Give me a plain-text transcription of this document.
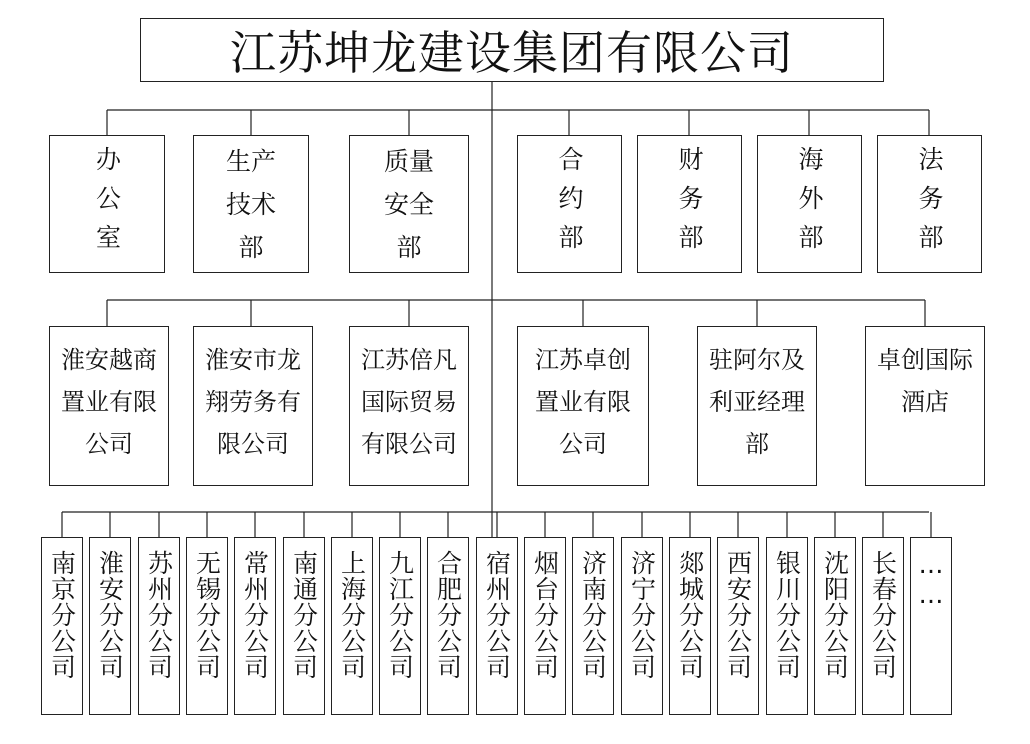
江苏坤龙建设集团有限公司
办公室
生产
技术
部
质量
安全
部
合约部
财务部
海外部
法务部
淮安越商
置业有限
公司
淮安市龙
翔劳务有
限公司
江苏倍凡
国际贸易
有限公司
江苏卓创
置业有限
公司
驻阿尔及
利亚经理
部
卓创国际
酒店
南京分公司 淮安分公司 苏州分公司 无锡分公司 常州分公司 南通分公司 上海分公司 九江分公司 合肥分公司 宿州分公司 烟台分公司 济南分公司 济宁分公司 郯城分公司 西安分公司 银川分公司 沈阳分公司 长春分公司 ……
